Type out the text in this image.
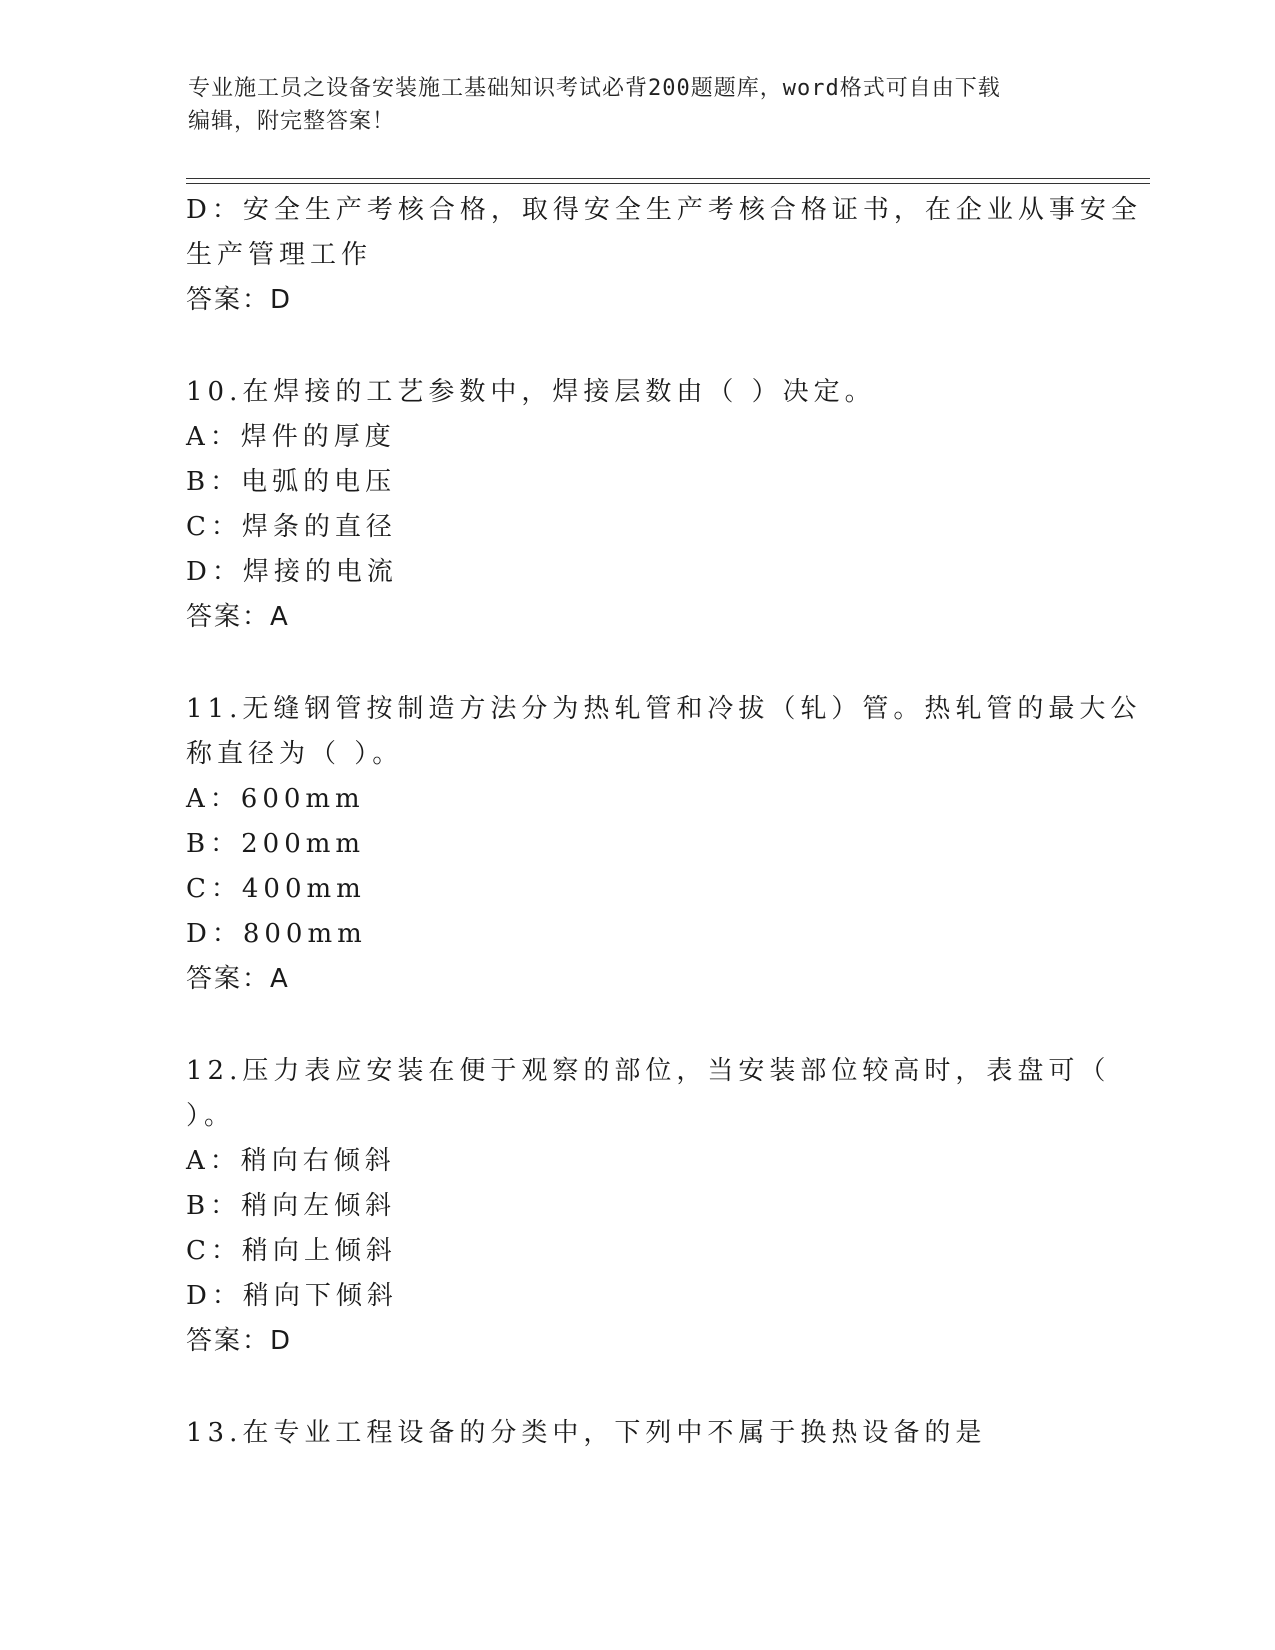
专业施工员之设备安装施工基础知识考试必背200题题库，word格式可自由下载
编辑，附完整答案！
D：安全生产考核合格，取得安全生产考核合格证书，在企业从事安全
生产管理工作
答案：D
10.在焊接的工艺参数中，焊接层数由（ ）决定。
A：焊件的厚度
B：电弧的电压
C：焊条的直径
D：焊接的电流
答案：A
11.无缝钢管按制造方法分为热轧管和冷拔（轧）管。热轧管的最大公
称直径为（ ）。
A：600mm
B：200mm
C：400mm
D：800mm
答案：A
12.压力表应安装在便于观察的部位，当安装部位较高时，表盘可（
）。
A：稍向右倾斜
B：稍向左倾斜
C：稍向上倾斜
D：稍向下倾斜
答案：D
13.在专业工程设备的分类中，下列中不属于换热设备的是
